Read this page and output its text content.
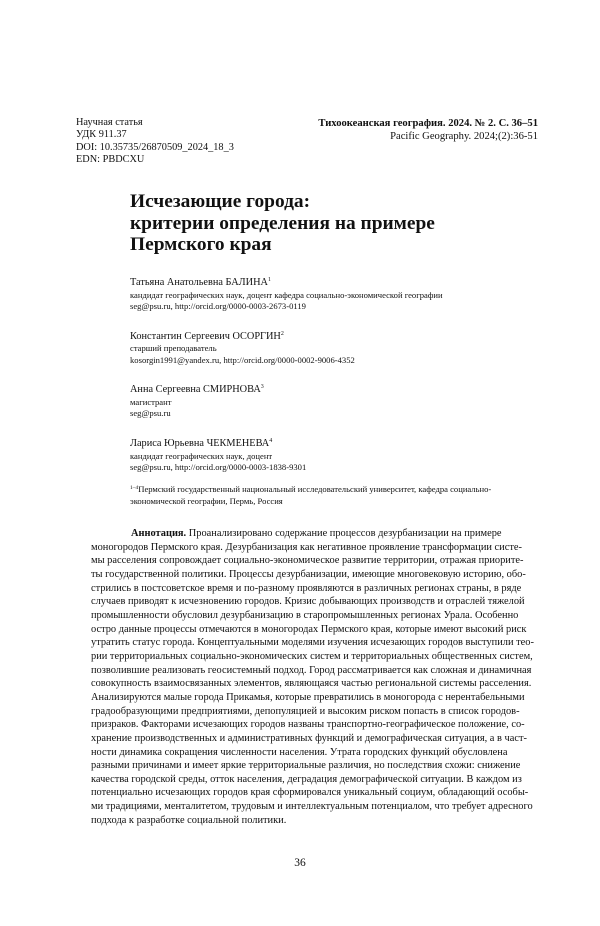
Научная статья
УДК 911.37
DOI: 10.35735/26870509_2024_18_3
EDN: PBDCXU
Тихоокеанская география. 2024. № 2. С. 36–51
Pacific Geography. 2024;(2):36-51
Исчезающие города:
критерии определения на примере
Пермского края
Татьяна Анатольевна БАЛИНА$^1$
кандидат географических наук, доцент кафедра социально-экономической географии
seg@psu.ru, http://orcid.org/0000-0003-2673-0119
Константин Сергеевич ОСОРГИН$^2$
старший преподаватель
kosorgin1991@yandex.ru, http://orcid.org/0000-0002-9006-4352
Анна Сергеевна СМИРНОВА$^3$
магистрант
seg@psu.ru
Лариса Юрьевна ЧЕКМЕНЕВА$^4$
кандидат географических наук, доцент
seg@psu.ru, http://orcid.org/0000-0003-1838-9301
$^{1-4}$Пермский государственный национальный исследовательский университет, кафедра социально-
экономической географии, Пермь, Россия
Аннотация. Проанализировано содержание процессов дезурбанизации на примере
моногородов Пермского края. Дезурбанизация как негативное проявление трансформации систе-
мы расселения сопровождает социально-экономическое развитие территории, отражая приорите-
ты государственной политики. Процессы дезурбанизации, имеющие многовековую историю, обо-
стрились в постсоветское время и по-разному проявляются в различных регионах страны, в ряде
случаев приводят к исчезновению городов. Кризис добывающих производств и отраслей тяжелой
промышленности обусловил дезурбанизацию в старопромышленных регионах Урала. Особенно
остро данные процессы отмечаются в моногородах Пермского края, которые имеют высокий риск
утратить статус города. Концептуальными моделями изучения исчезающих городов выступили тео-
рии территориальных социально-экономических систем и территориальных общественных систем,
позволившие реализовать геосистемный подход. Город рассматривается как сложная и динамичная
совокупность взаимосвязанных элементов, являющаяся частью региональной системы расселения.
Анализируются малые города Прикамья, которые превратились в моногорода с нерентабельными
градообразующими предприятиями, депопуляцией и высоким риском попасть в список городов-
призраков. Факторами исчезающих городов названы транспортно-географическое положение, со-
хранение производственных и административных функций и демографическая ситуация, а в част-
ности динамика сокращения численности населения. Утрата городских функций обусловлена
разными причинами и имеет яркие территориальные различия, но последствия схожи: снижение
качества городской среды, отток населения, деградация демографической ситуации. В каждом из
потенциально исчезающих городов края сформировался уникальный социум, обладающий особы-
ми традициями, менталитетом, трудовым и интеллектуальным потенциалом, что требует адресного
подхода к разработке социальной политики.
36
